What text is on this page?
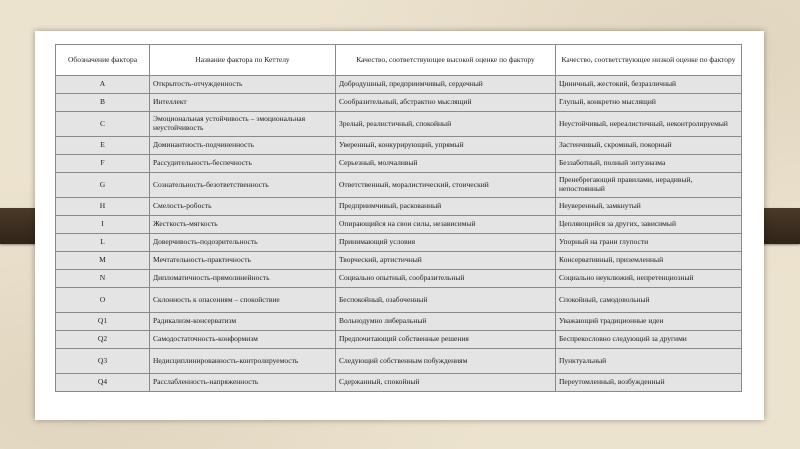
Обозначение фактора	Название фактора по Кеттелу	Качество, соответствующее высокой оценке по фактору	Качество, соответствующее низкой оценке по фактору
A	Открытость-отчужденность	Добродушный, предприимчивый, сердечный	Циничный, жестокий, безразличный
B	Интеллект	Сообразительный, абстрактно мыслящий	Глупый, конкретно мыслящий
C	Эмоциональная устойчивость – эмоциональная неустойчивость	Зрелый, реалистичный, спокойный	Неустойчивый, нереалистичный, неконтролируемый
E	Доминантность-подчиненность	Уверенный, конкурирующий, упрямый	Застенчивый, скромный, покорный
F	Рассудительность-беспечность	Серьезный, молчаливый	Беззаботный, полный энтузиазма
G	Сознательность-безответственность	Ответственный, моралистический, стоический	Пренебрегающий правилами, нерадивый, непостоянный
H	Смелость-робость	Предприимчивый, раскованный	Неуверенный, замкнутый
I	Жесткость-мягкость	Опирающийся на свои силы, независимый	Цепляющийся за других, зависимый
L	Доверчивость-подозрительность	Принимающий условия	Упорный на грани глупости
M	Мечтательность-практичность	Творческий, артистичный	Консервативный, приземленный
N	Дипломатичность-прямолинейность	Социально опытный, сообразительный	Социально неуклюжий, непретенциозный
O	Склонность к опасениям – спокойствие	Беспокойный, озабоченный	Спокойный, самодовольный
Q1	Радикализм-консерватизм	Вольнодумно либеральный	Уважающий традиционные идеи
Q2	Самодостаточность-конформизм	Предпочитающий собственные решения	Беспрекословно следующий за другими
Q3	Недисциплинированность-контролируемость	Следующий собственным побуждениям	Пунктуальный
Q4	Расслабленность-напряженность	Сдержанный, спокойный	Переутомленный, возбужденный
